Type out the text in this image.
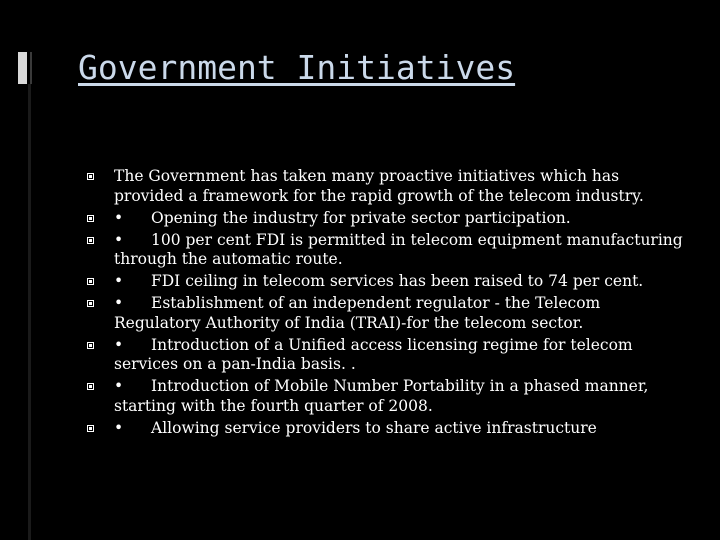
Government Initiatives
The Government has taken many proactive initiatives which has provided a framework for the rapid growth of the telecom industry.
• Opening the industry for private sector participation.
• 100 per cent FDI is permitted in telecom equipment manufacturing through the automatic route.
• FDI ceiling in telecom services has been raised to 74 per cent.
• Establishment of an independent regulator - the Telecom Regulatory Authority of India (TRAI)-for the telecom sector.
• Introduction of a Unified access licensing regime for telecom services on a pan-India basis. .
• Introduction of Mobile Number Portability in a phased manner, starting with the fourth quarter of 2008.
• Allowing service providers to share active infrastructure
